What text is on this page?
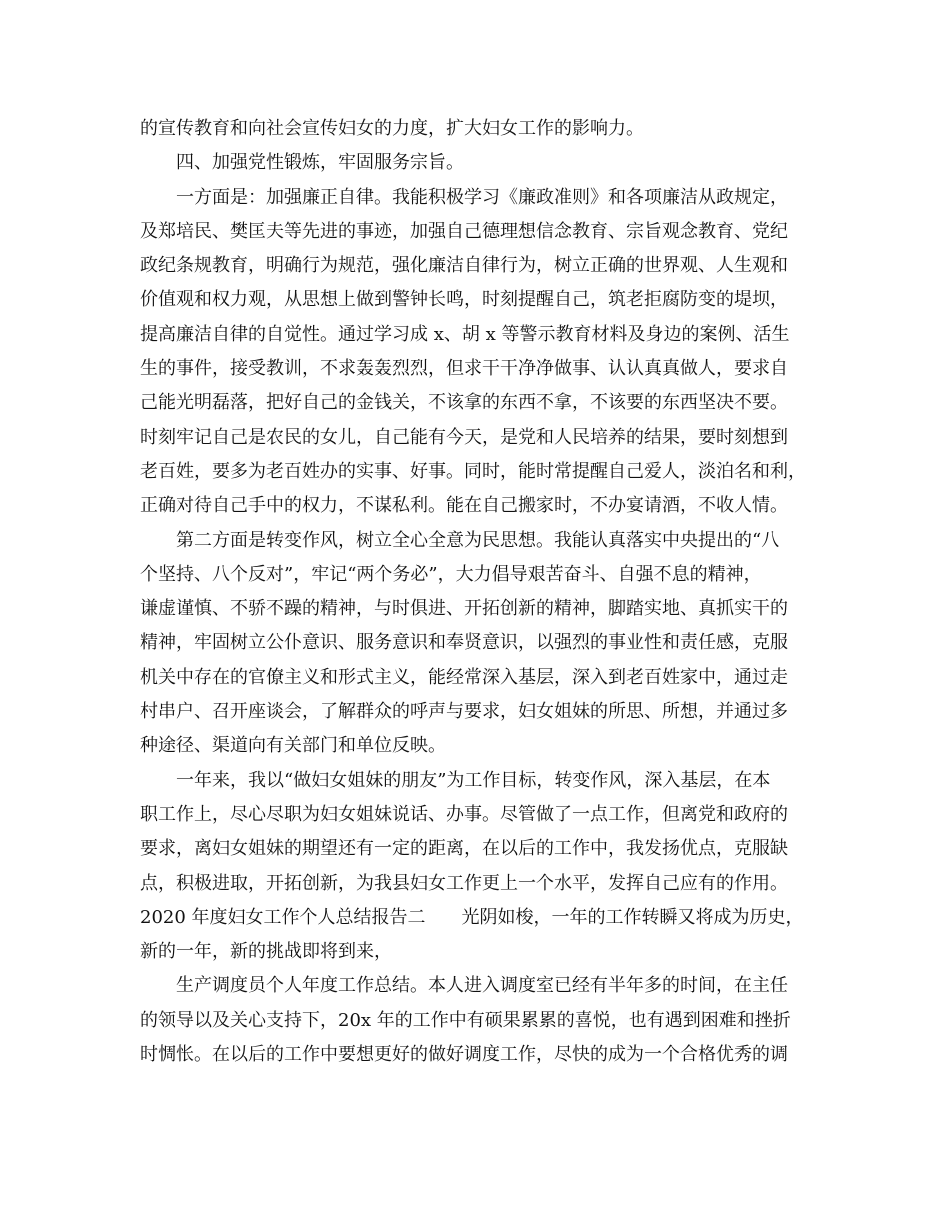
的宣传教育和向社会宣传妇女的力度，扩大妇女工作的影响力。
四、加强党性锻炼，牢固服务宗旨。
一方面是：加强廉正自律。我能积极学习《廉政准则》和各项廉洁从政规定，
及郑培民、樊匡夫等先进的事迹，加强自己德理想信念教育、宗旨观念教育、党纪
政纪条规教育，明确行为规范，强化廉洁自律行为，树立正确的世界观、人生观和
价值观和权力观，从思想上做到警钟长鸣，时刻提醒自己，筑老拒腐防变的堤坝，
提高廉洁自律的自觉性。通过学习成 x、胡 x 等警示教育材料及身边的案例、活生
生的事件，接受教训，不求轰轰烈烈，但求干干净净做事、认认真真做人，要求自
己能光明磊落，把好自己的金钱关，不该拿的东西不拿，不该要的东西坚决不要。
时刻牢记自己是农民的女儿，自己能有今天，是党和人民培养的结果，要时刻想到
老百姓，要多为老百姓办的实事、好事。同时，能时常提醒自己爱人，淡泊名和利，
正确对待自己手中的权力，不谋私利。能在自己搬家时，不办宴请酒，不收人情。
第二方面是转变作风，树立全心全意为民思想。我能认真落实中央提出的“八
个坚持、八个反对”，牢记“两个务必”，大力倡导艰苦奋斗、自强不息的精神，
谦虚谨慎、不骄不躁的精神，与时俱进、开拓创新的精神，脚踏实地、真抓实干的
精神，牢固树立公仆意识、服务意识和奉贤意识，以强烈的事业性和责任感，克服
机关中存在的官僚主义和形式主义，能经常深入基层，深入到老百姓家中，通过走
村串户、召开座谈会，了解群众的呼声与要求，妇女姐妹的所思、所想，并通过多
种途径、渠道向有关部门和单位反映。
一年来，我以“做妇女姐妹的朋友”为工作目标，转变作风，深入基层，在本
职工作上，尽心尽职为妇女姐妹说话、办事。尽管做了一点工作，但离党和政府的
要求，离妇女姐妹的期望还有一定的距离，在以后的工作中，我发扬优点，克服缺
点，积极进取，开拓创新，为我县妇女工作更上一个水平，发挥自己应有的作用。
2020 年度妇女工作个人总结报告二　　光阴如梭，一年的工作转瞬又将成为历史，
新的一年，新的挑战即将到来，
生产调度员个人年度工作总结。本人进入调度室已经有半年多的时间，在主任
的领导以及关心支持下，20x 年的工作中有硕果累累的喜悦，也有遇到困难和挫折
时惆怅。在以后的工作中要想更好的做好调度工作，尽快的成为一个合格优秀的调
